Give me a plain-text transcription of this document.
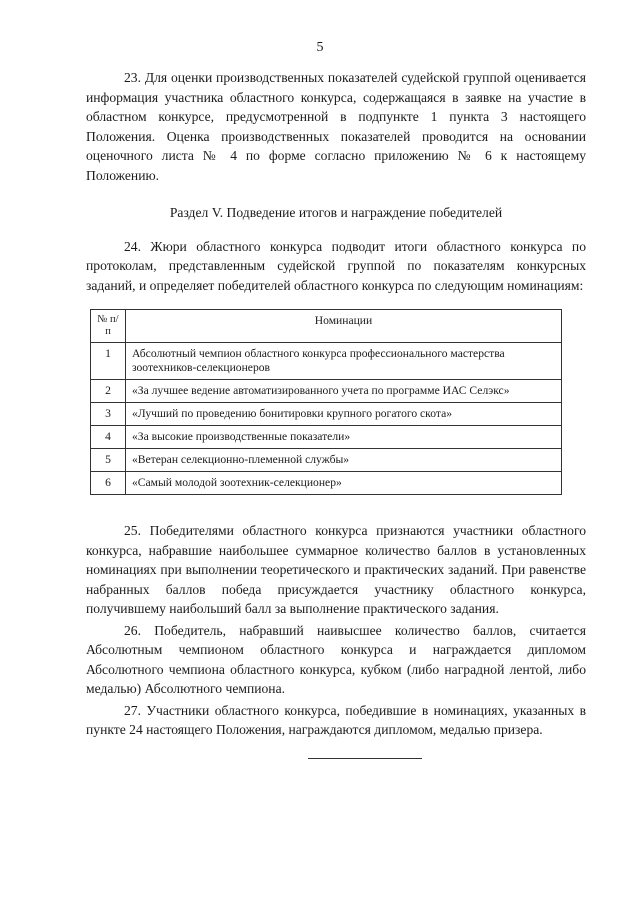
5

23. Для оценки производственных показателей судейской группой оценивается информация участника областного конкурса, содержащаяся в заявке на участие в областном конкурсе, предусмотренной в подпункте 1 пункта 3 настоящего Положения. Оценка производственных показателей проводится на основании оценочного листа № 4 по форме согласно приложению № 6 к настоящему Положению.

Раздел V. Подведение итогов и награждение победителей

24. Жюри областного конкурса подводит итоги областного конкурса по протоколам, представленным судейской группой по показателям конкурсных заданий, и определяет победителей областного конкурса по следующим номинациям:

№ п/п	Номинации
1	Абсолютный чемпион областного конкурса профессионального мастерства зоотехников-селекционеров
2	«За лучшее ведение автоматизированного учета по программе ИАС Селэкс»
3	«Лучший по проведению бонитировки крупного рогатого скота»
4	«За высокие производственные показатели»
5	«Ветеран селекционно-племенной службы»
6	«Самый молодой зоотехник-селекционер»

25. Победителями областного конкурса признаются участники областного конкурса, набравшие наибольшее суммарное количество баллов в установленных номинациях при выполнении теоретического и практических заданий. При равенстве набранных баллов победа присуждается участнику областного конкурса, получившему наибольший балл за выполнение практического задания.

26. Победитель, набравший наивысшее количество баллов, считается Абсолютным чемпионом областного конкурса и награждается дипломом Абсолютного чемпиона областного конкурса, кубком (либо наградной лентой, либо медалью) Абсолютного чемпиона.

27. Участники областного конкурса, победившие в номинациях, указанных в пункте 24 настоящего Положения, награждаются дипломом, медалью призера.
